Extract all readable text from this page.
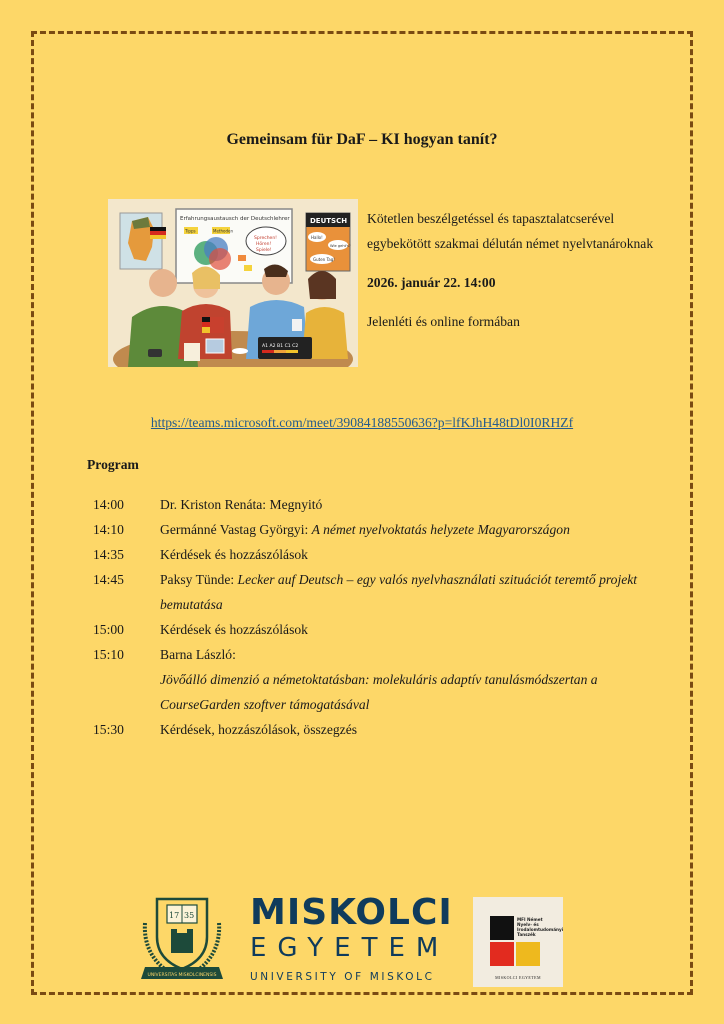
Gemeinsam für DaF – KI hogyan tanít?
Erfahrungsaustausch der Deutschlehrer
Tipps	Methoden
Sprechen!
Hören!
Spiele!
DEUTSCH
Hallo!
Wie geht's?
Guten Tag!
A1 A2 B1 C1 C2
Kötetlen beszélgetéssel és tapasztalatcserével egybekötött szakmai délután német nyelvtanároknak
2026. január 22. 14:00
Jelenléti és online formában
https://teams.microsoft.com/meet/39084188550636?p=lfKJhH48tDl0I0RHZf
Program
14:00	Dr. Kriston Renáta: Megnyitó
14:10	Germánné Vastag Györgyi: A német nyelvoktatás helyzete Magyarországon
14:35	Kérdések és hozzászólások
14:45	Paksy Tünde: Lecker auf Deutsch – egy valós nyelvhasználati szituációt teremtő projekt bemutatása
15:00	Kérdések és hozzászólások
15:10	Barna László:
Jövőálló dimenzió a németoktatásban: molekuláris adaptív tanulásmódszertan a CourseGarden szoftver támogatásával
15:30	Kérdések, hozzászólások, összegzés
17 35
UNIVERSITAS MISKOLCINENSIS
MISKOLCI
EGYETEM
UNIVERSITY OF MISKOLC
MFI Német Nyelv- és Irodalomtudományi Tanszék
MISKOLCI EGYETEM
